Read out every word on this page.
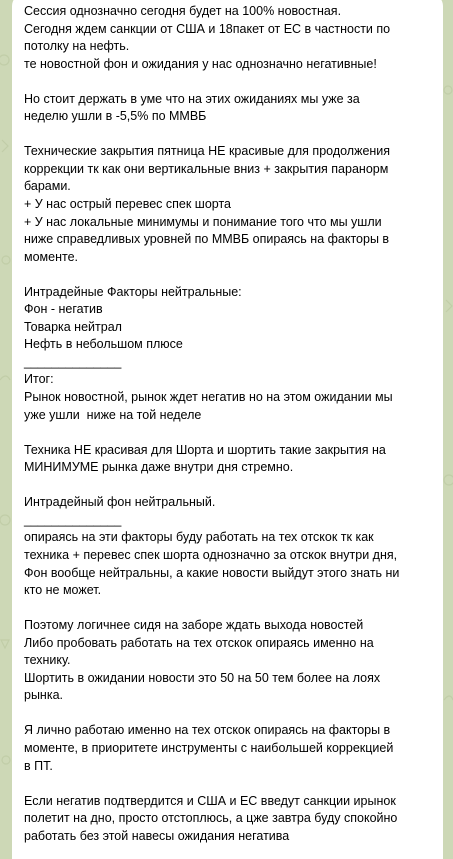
Сессия однозначно сегодня будет на 100% новостная.
Сегодня ждем санкции от США и 18пакет от ЕС в частности по
потолку на нефть.
те новостной фон и ожидания у нас однозначно негативные!
Но стоит держать в уме что на этих ожиданиях мы уже за
неделю ушли в -5,5% по ММВБ
Технические закрытия пятница НЕ красивые для продолжения
коррекции тк как они вертикальные вниз + закрытия паранорм
барами.
+ У нас острый перевес спек шорта
+ У нас локальные минимумы и понимание того что мы ушли
ниже справедливых уровней по ММВБ опираясь на факторы в
моменте.
Интрадейные Факторы нейтральные:
Фон - негатив
Товарка нейтрал
Нефть в небольшом плюсе
______________
Итог:
Рынок новостной, рынок ждет негатив но на этом ожидании мы
уже ушли  ниже на той неделе
Техника НЕ красивая для Шорта и шортить такие закрытия на
МИНИМУМЕ рынка даже внутри дня стремно.
Интрадейный фон нейтральный.
______________
опираясь на эти факторы буду работать на тех отскок тк как
техника + перевес спек шорта однозначно за отскок внутри дня,
Фон вообще нейтральны, а какие новости выйдут этого знать ни
кто не может.
Поэтому логичнее сидя на заборе ждать выхода новостей
Либо пробовать работать на тех отскок опираясь именно на
технику.
Шортить в ожидании новости это 50 на 50 тем более на лоях
рынка.
Я лично работаю именно на тех отскок опираясь на факторы в
моменте, в приоритете инструменты с наибольшей коррекцией
в ПТ.
Если негатив подтвердится и США и ЕС введут санкции ирынок
полетит на дно, просто отстоплюсь, а цже завтра буду спокойно
работать без этой навесы ожидания негатива
